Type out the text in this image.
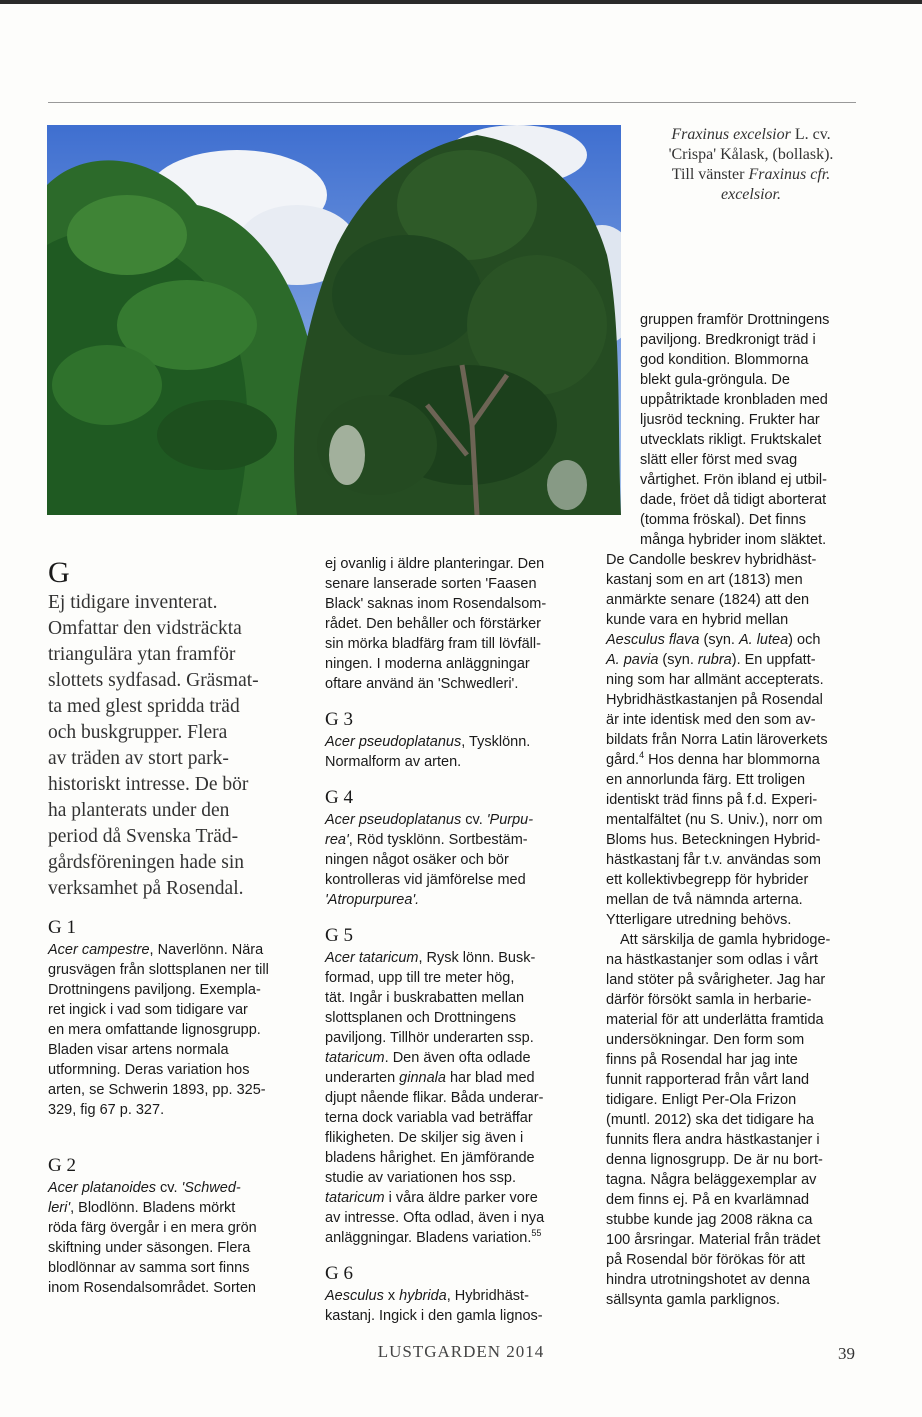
Fraxinus excelsior L. cv.

'Crispa' Kålask, (bollask).

Till vänster Fraxinus cfr.

excelsior.

G

Ej tidigare inventerat.

Omfattar den vidsträckta

triangulära ytan framför

slottets sydfasad. Gräsmat-

ta med glest spridda träd

och buskgrupper. Flera

av träden av stort park-

historiskt intresse. De bör

ha planterats under den

period då Svenska Träd-

gårdsföreningen hade sin

verksamhet på Rosendal.

G 1

Acer campestre, Naverlönn. Nära

grusvägen från slottsplanen ner till

Drottningens paviljong. Exempla-

ret ingick i vad som tidigare var

en mera omfattande lignosgrupp.

Bladen visar artens normala

utformning. Deras variation hos

arten, se Schwerin 1893, pp. 325-

329, fig 67 p. 327.

G 2

Acer platanoides cv. 'Schwed-

leri', Blodlönn. Bladens mörkt

röda färg övergår i en mera grön

skiftning under säsongen. Flera

blodlönnar av samma sort finns

inom Rosendalsområdet. Sorten

ej ovanlig i äldre planteringar. Den

senare lanserade sorten 'Faasen

Black' saknas inom Rosendalsom-

rådet. Den behåller och förstärker

sin mörka bladfärg fram till lövfäll-

ningen. I moderna anläggningar

oftare använd än 'Schwedleri'.

G 3

Acer pseudoplatanus, Tysklönn.

Normalform av arten.

G 4

Acer pseudoplatanus cv. 'Purpu-

rea', Röd tysklönn. Sortbestäm-

ningen något osäker och bör

kontrolleras vid jämförelse med

'Atropurpurea'.

G 5

Acer tataricum, Rysk lönn. Busk-

formad, upp till tre meter hög,

tät. Ingår i buskrabatten mellan

slottsplanen och Drottningens

paviljong. Tillhör underarten ssp.

tataricum. Den även ofta odlade

underarten ginnala har blad med

djupt nående flikar. Båda underar-

terna dock variabla vad beträffar

flikigheten. De skiljer sig även i

bladens hårighet. En jämförande

studie av variationen hos ssp.

tataricum i våra äldre parker vore

av intresse. Ofta odlad, även i nya

anläggningar. Bladens variation.$^{55}$

G 6

Aesculus x hybrida, Hybridhäst-

kastanj. Ingick i den gamla lignos-

gruppen framför Drottningens

paviljong. Bredkronigt träd i

god kondition. Blommorna

blekt gula-gröngula. De

uppåtriktade kronbladen med

ljusröd teckning. Frukter har

utvecklats rikligt. Fruktskalet

slätt eller först med svag

vårtighet. Frön ibland ej utbil-

dade, fröet då tidigt aborterat

(tomma fröskal). Det finns

många hybrider inom släktet.

De Candolle beskrev hybridhäst-

kastanj som en art (1813) men

anmärkte senare (1824) att den

kunde vara en hybrid mellan

Aesculus flava (syn. A. lutea) och

A. pavia (syn. rubra). En uppfatt-

ning som har allmänt accepterats.

Hybridhästkastanjen på Rosendal

är inte identisk med den som av-

bildats från Norra Latin läroverkets

gård.$^4$ Hos denna har blommorna

en annorlunda färg. Ett troligen

identiskt träd finns på f.d. Experi-

mentalfältet (nu S. Univ.), norr om

Bloms hus. Beteckningen Hybrid-

hästkastanj får t.v. användas som

ett kollektivbegrepp för hybrider

mellan de två nämnda arterna.

Ytterligare utredning behövs.

Att särskilja de gamla hybridoge-

na hästkastanjer som odlas i vårt

land stöter på svårigheter. Jag har

därför försökt samla in herbarie-

material för att underlätta framtida

undersökningar. Den form som

finns på Rosendal har jag inte

funnit rapporterad från vårt land

tidigare. Enligt Per-Ola Frizon

(muntl. 2012) ska det tidigare ha

funnits flera andra hästkastanjer i

denna lignosgrupp. De är nu bort-

tagna. Några beläggexemplar av

dem finns ej. På en kvarlämnad

stubbe kunde jag 2008 räkna ca

100 årsringar. Material från trädet

på Rosendal bör förökas för att

hindra utrotningshotet av denna

sällsynta gamla parklignos.

LUSTGARDEN 2014	39
